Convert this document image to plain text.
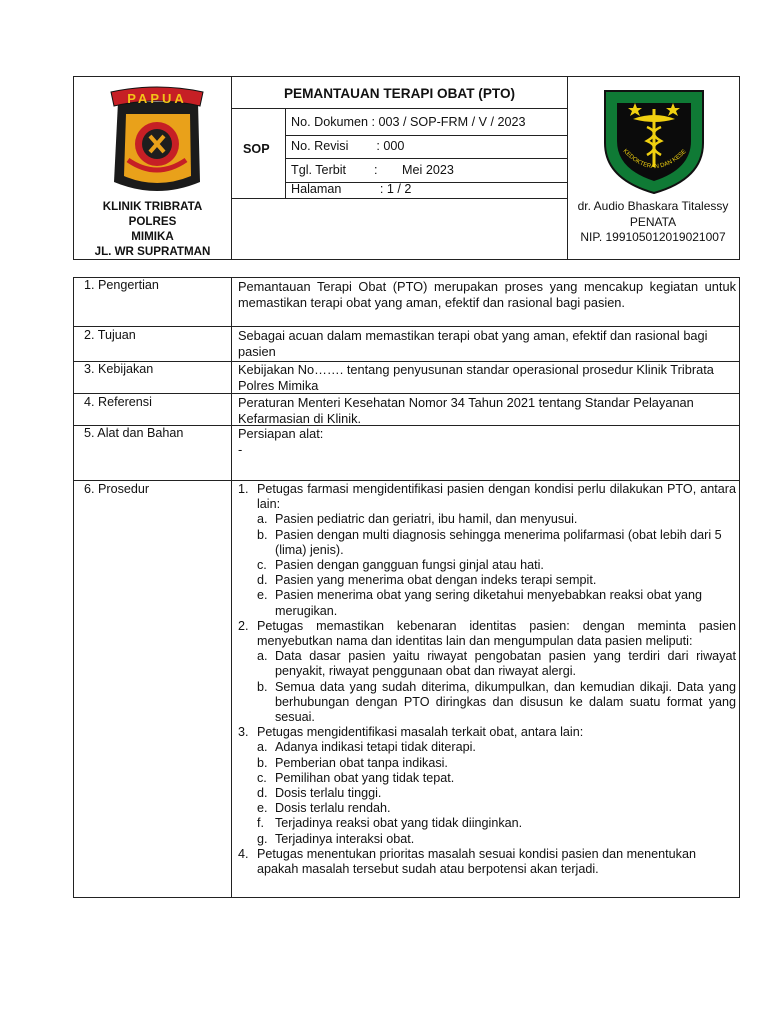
PAPUA
KLINIK TRIBRATA
POLRES
MIMIKA
JL. WR SUPRATMAN
PEMANTAUAN TERAPI OBAT (PTO)
SOP
No. Dokumen : 003 / SOP-FRM / V / 2023
No. Revisi        : 000
Tgl. Terbit        :       Mei 2023
Halaman           : 1 / 2
KEDOKTERAN DAN KESE
dr. Audio Bhaskara Titalessy
PENATA
NIP. 199105012019021007
1. Pengertian	Pemantauan Terapi Obat (PTO) merupakan proses yang mencakup kegiatan untuk memastikan terapi obat yang aman, efektif dan rasional bagi pasien.
2. Tujuan	Sebagai acuan dalam memastikan terapi obat yang aman, efektif dan rasional bagi pasien
3. Kebijakan	Kebijakan No……. tentang penyusunan standar operasional prosedur Klinik Tribrata Polres Mimika
4. Referensi	Peraturan Menteri Kesehatan Nomor 34 Tahun 2021 tentang Standar Pelayanan Kefarmasian di Klinik.
5. Alat dan Bahan	Persiapan alat:
-
6. Prosedur	1. Petugas farmasi mengidentifikasi pasien dengan kondisi perlu dilakukan PTO, antara lain:
a. Pasien pediatric dan geriatri, ibu hamil, dan menyusui.
b. Pasien dengan multi diagnosis sehingga menerima polifarmasi (obat lebih dari 5 (lima) jenis).
c. Pasien dengan gangguan fungsi ginjal atau hati.
d. Pasien yang menerima obat dengan indeks terapi sempit.
e. Pasien menerima obat yang sering diketahui menyebabkan reaksi obat yang merugikan.
2. Petugas memastikan kebenaran identitas pasien: dengan meminta pasien menyebutkan nama dan identitas lain dan mengumpulan data pasien meliputi:
a. Data dasar pasien yaitu riwayat pengobatan pasien yang terdiri dari riwayat penyakit, riwayat penggunaan obat dan riwayat alergi.
b. Semua data yang sudah diterima, dikumpulkan, dan kemudian dikaji. Data yang berhubungan dengan PTO diringkas dan disusun ke dalam suatu format yang sesuai.
3. Petugas mengidentifikasi masalah terkait obat, antara lain:
a. Adanya indikasi tetapi tidak diterapi.
b. Pemberian obat tanpa indikasi.
c. Pemilihan obat yang tidak tepat.
d. Dosis terlalu tinggi.
e. Dosis terlalu rendah.
f. Terjadinya reaksi obat yang tidak diinginkan.
g. Terjadinya interaksi obat.
4. Petugas menentukan prioritas masalah sesuai kondisi pasien dan menentukan apakah masalah tersebut sudah atau berpotensi akan terjadi.
